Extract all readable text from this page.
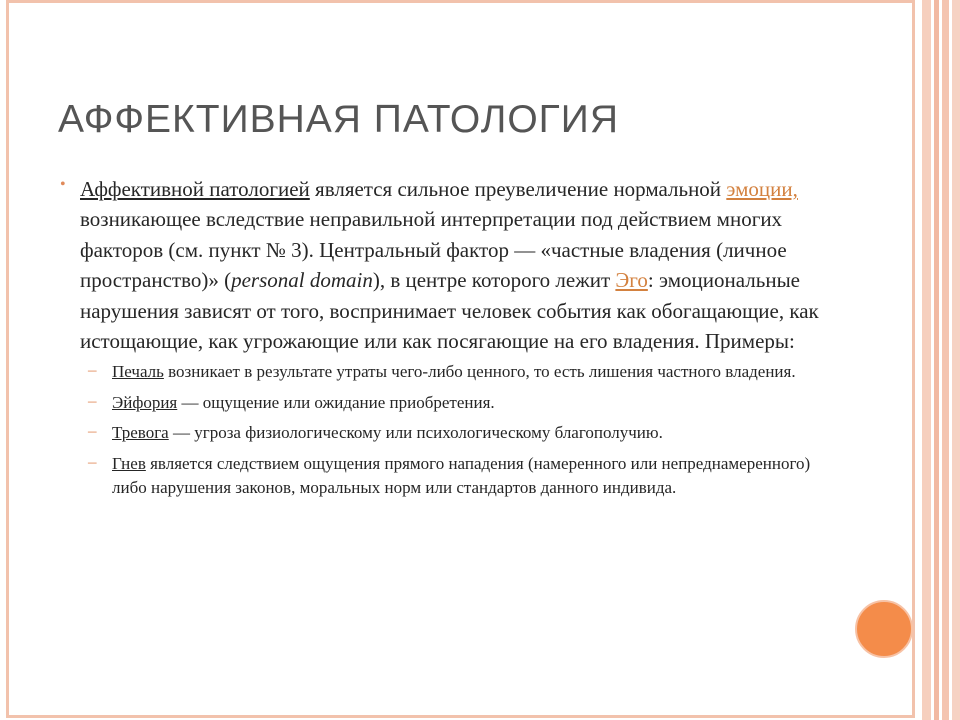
АФФЕКТИВНАЯ ПАТОЛОГИЯ
• Аффективной патологией является сильное преувеличение нормальной эмоции, возникающее вследствие неправильной интерпретации под действием многих факторов (см. пункт № 3). Центральный фактор — «частные владения (личное пространство)» (personal domain), в центре которого лежит Эго: эмоциональные нарушения зависят от того, воспринимает человек события как обогащающие, как истощающие, как угрожающие или как посягающие на его владения. Примеры:

– Печаль возникает в результате утраты чего-либо ценного, то есть лишения частного владения.

– Эйфория — ощущение или ожидание приобретения.

– Тревога — угроза физиологическому или психологическому благополучию.

– Гнев является следствием ощущения прямого нападения (намеренного или непреднамеренного) либо нарушения законов, моральных норм или стандартов данного индивида.
